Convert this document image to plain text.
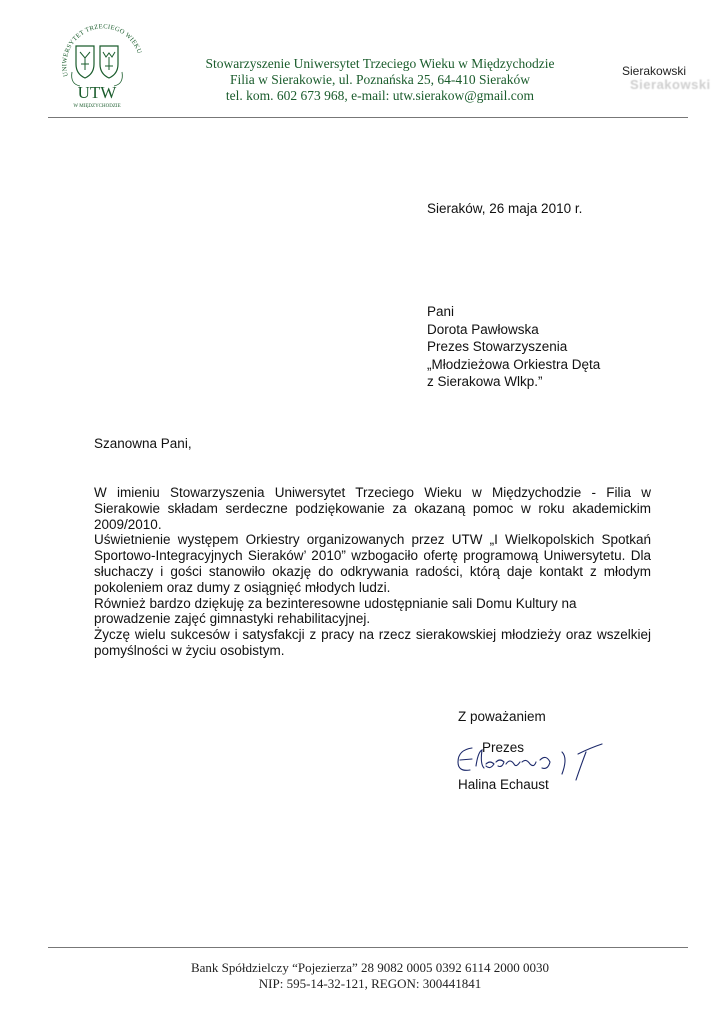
UNIWERSYTET TRZECIEGO WIEKU
UTW
W MIĘDZYCHODZIE
Stowarzyszenie Uniwersytet Trzeciego Wieku w Międzychodzie
Filia w Sierakowie, ul. Poznańska 25, 64-410 Sieraków
tel. kom. 602 673 968, e-mail: utw.sierakow@gmail.com
Sierakowski
Sierakowski
Sieraków, 26 maja 2010 r.
Pani
Dorota Pawłowska
Prezes Stowarzyszenia
„Młodzieżowa Orkiestra Dęta
z Sierakowa Wlkp.”
Szanowna Pani,

W imieniu Stowarzyszenia Uniwersytet Trzeciego Wieku w Międzychodzie - Filia w Sierakowie składam serdeczne podziękowanie za okazaną pomoc w roku akademickim 2009/2010.

Uświetnienie występem Orkiestry organizowanych przez UTW „I Wielkopolskich Spotkań Sportowo-Integracyjnych Sieraków’ 2010” wzbogaciło ofertę programową Uniwersytetu. Dla słuchaczy i gości stanowiło okazję do odkrywania radości, którą daje kontakt z młodym pokoleniem oraz dumy z osiągnięć młodych ludzi.

Również bardzo dziękuję za bezinteresowne udostępnianie sali Domu Kultury na prowadzenie zajęć gimnastyki rehabilitacyjnej.

Życzę wielu sukcesów i satysfakcji z pracy na rzecz sierakowskiej młodzieży oraz wszelkiej pomyślności w życiu osobistym.

Z poważaniem
Prezes
Halina Echaust
Bank Spółdzielczy “Pojezierza” 28 9082 0005 0392 6114 2000 0030
NIP: 595-14-32-121, REGON: 300441841
